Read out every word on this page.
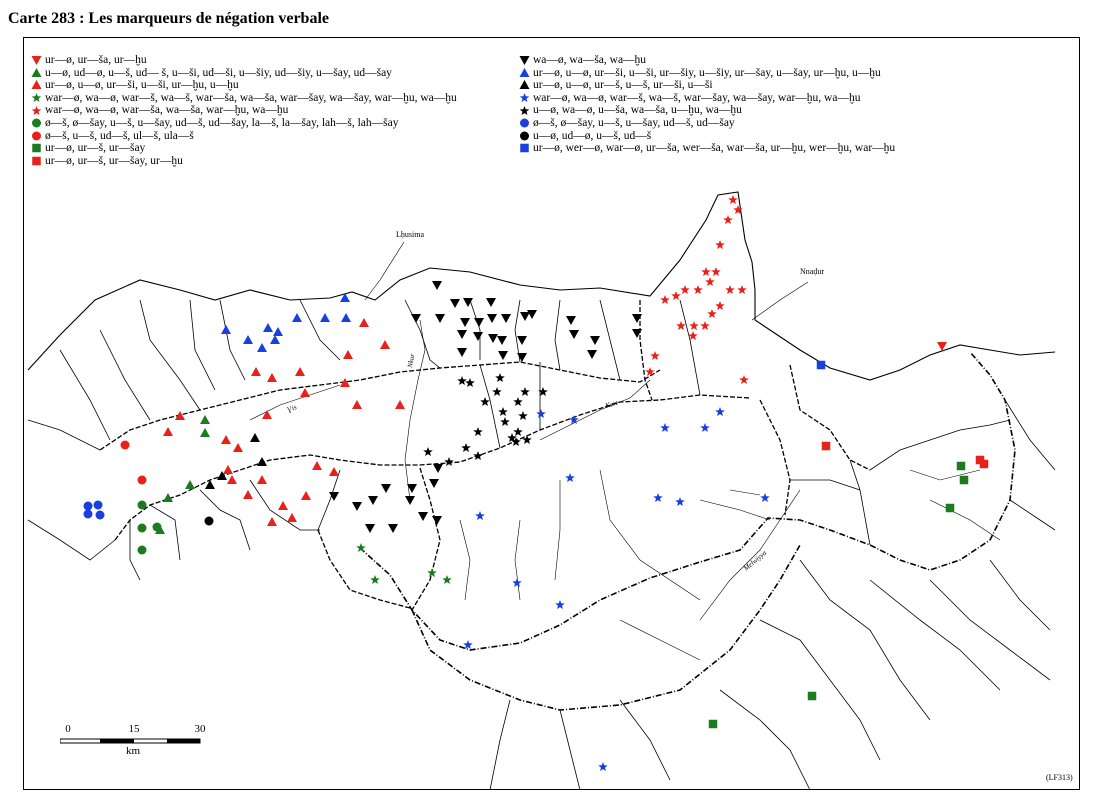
Carte 283 : Les marqueurs de négation verbale
ur—ø, ur—ša, ur—ḫu
u—ø, ud—ø, u—š, ud— š, u—ši, ud—ši, u—šiy, ud—šiy, u—šay, ud—šay
ur—ø, u—ø, ur—ši, u—ši, ur—ḫu, u—ḫu
war—ø, wa—ø, war—š, wa—š, war—ša, wa—ša, war—šay, wa—šay, war—ḫu, wa—ḫu
war—ø, wa—ø, war—ša, wa—ša, war—ḫu, wa—ḫu
ø—š, ø—šay, u—š, u—šay, ud—š, ud—šay, la—š, la—šay, lah—š, lah—šay
ø—š, u—š, ud—š, ul—š, ula—š
ur—ø, ur—š, ur—šay
ur—ø, ur—š, ur—šay, ur—ḫu
wa—ø, wa—ša, wa—ḫu
ur—ø, u—ø, ur—ši, u—ši, ur—šiy, u—šiy, ur—šay, u—šay, ur—ḫu, u—ḫu
ur—ø, u—ø, ur—š, u—š, ur—ši, u—ši
war—ø, wa—ø, war—š, wa—š, war—šay, wa—šay, war—ḫu, wa—ḫu
u—ø, wa—ø, u—ša, wa—ša, u—ḫu, wa—ḫu
ø—š, ø—šay, u—š, u—šay, ud—š, ud—šay
u—ø, ud—ø, u—š, ud—š
ur—ø, wer—ø, war—ø, ur—ša, wer—ša, war—ša, ur—ḫu, wer—ḫu, war—ḫu
Lḥusima
Nnaḍur
Nkur
Kert
Melwiyya
Ɣis
0	15	30
km
(LF313)
